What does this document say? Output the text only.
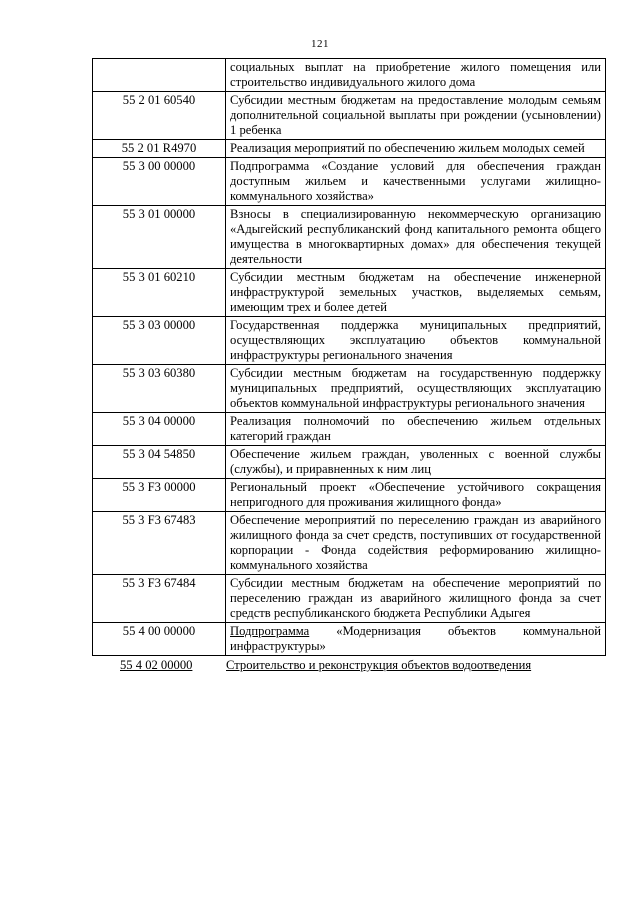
121
	социальных выплат на приобретение жилого помещения или строительство индивидуального жилого дома
55 2 01 60540	Субсидии местным бюджетам на предоставление молодым семьям дополнительной социальной выплаты при рождении (усыновлении) 1 ребенка
55 2 01 R4970	Реализация мероприятий по обеспечению жильем молодых семей
55 3 00 00000	Подпрограмма «Создание условий для обеспечения граждан доступным жильем и качественными услугами жилищно-коммунального хозяйства»
55 3 01 00000	Взносы в специализированную некоммерческую организацию «Адыгейский республиканский фонд капитального ремонта общего имущества в многоквартирных домах» для обеспечения текущей деятельности
55 3 01 60210	Субсидии местным бюджетам на обеспечение инженерной инфраструктурой земельных участков, выделяемых семьям, имеющим трех и более детей
55 3 03 00000	Государственная поддержка муниципальных предприятий, осуществляющих эксплуатацию объектов коммунальной инфраструктуры регионального значения
55 3 03 60380	Субсидии местным бюджетам на государственную поддержку муниципальных предприятий, осуществляющих эксплуатацию объектов коммунальной инфраструктуры регионального значения
55 3 04 00000	Реализация полномочий по обеспечению жильем отдельных категорий граждан
55 3 04 54850	Обеспечение жильем граждан, уволенных с военной службы (службы), и приравненных к ним лиц
55 3 F3 00000	Региональный проект «Обеспечение устойчивого сокращения непригодного для проживания жилищного фонда»
55 3 F3 67483	Обеспечение мероприятий по переселению граждан из аварийного жилищного фонда за счет средств, поступивших от государственной корпорации - Фонда содействия реформированию жилищно-коммунального хозяйства
55 3 F3 67484	Субсидии местным бюджетам на обеспечение мероприятий по переселению граждан из аварийного жилищного фонда за счет средств республиканского бюджета Республики Адыгея
55 4 00 00000	Подпрограмма «Модернизация объектов коммунальной инфраструктуры»
55 4 02 00000	Строительство и реконструкция объектов водоотведения
